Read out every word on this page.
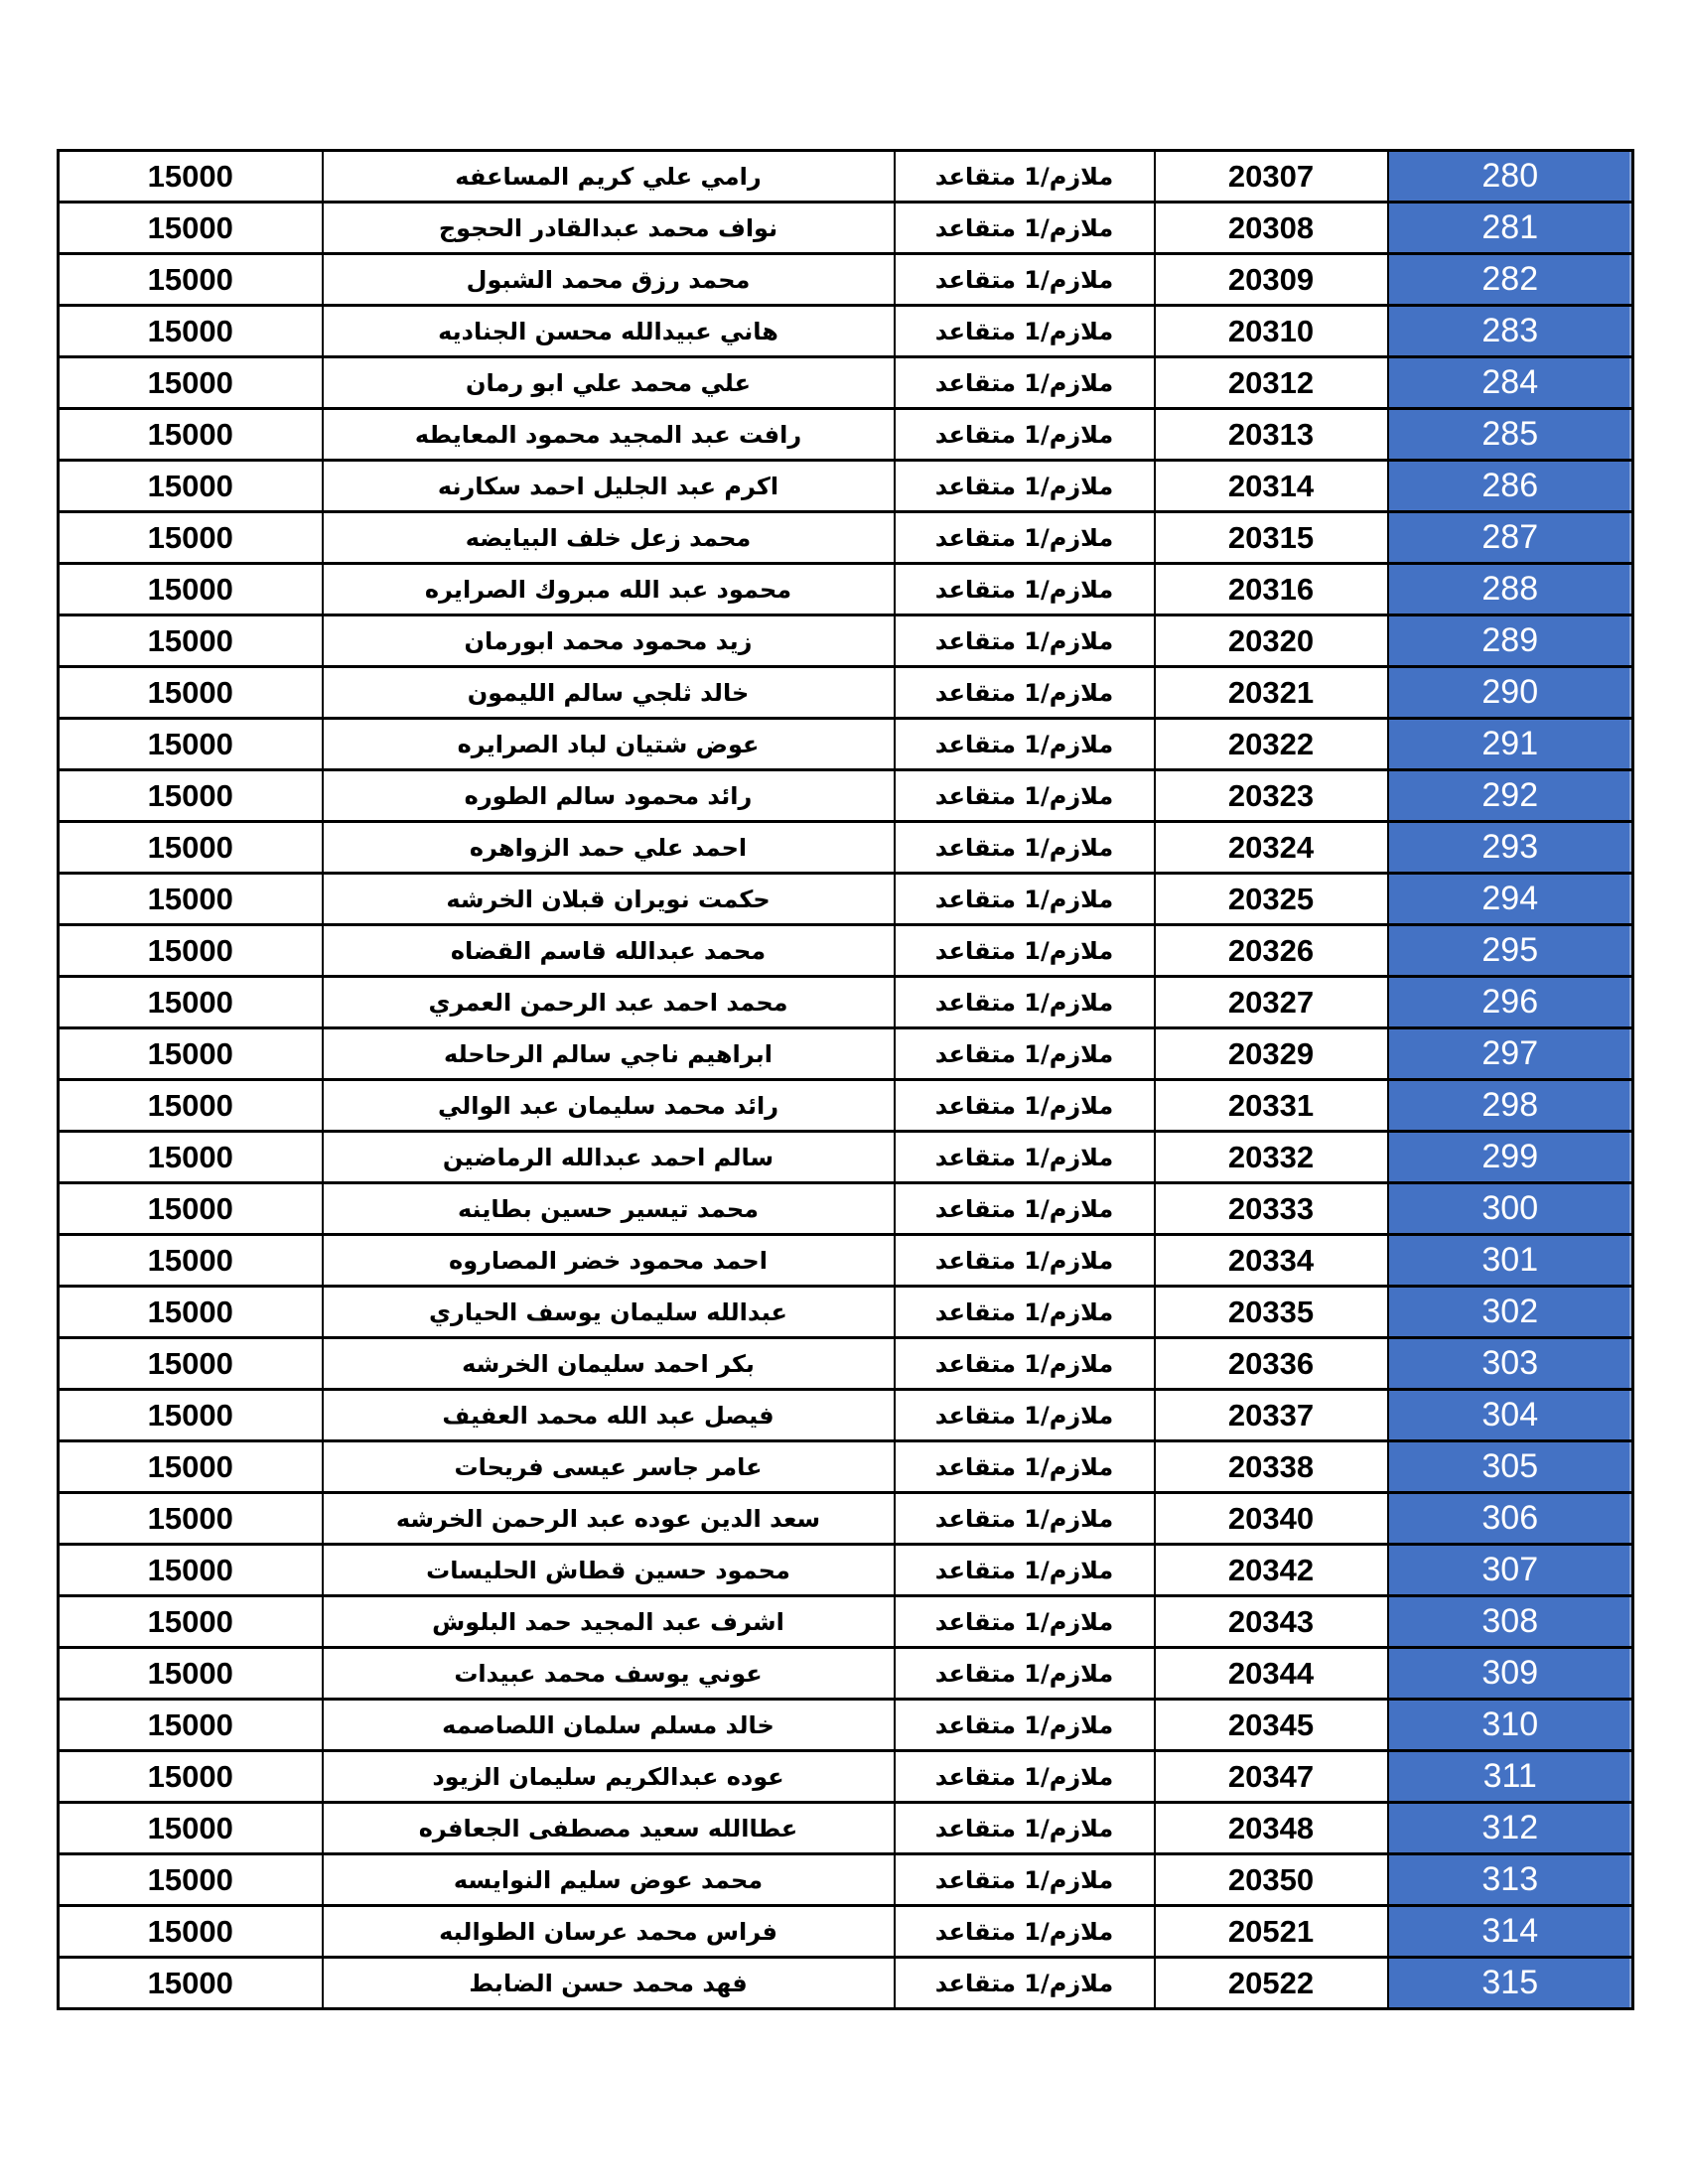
15000	رامي علي كريم المساعفه	ملازم/1 متقاعد	20307	280
15000	نواف محمد عبدالقادر الحجوج	ملازم/1 متقاعد	20308	281
15000	محمد رزق محمد الشبول	ملازم/1 متقاعد	20309	282
15000	هاني عبيدالله محسن الجناديه	ملازم/1 متقاعد	20310	283
15000	علي محمد علي ابو رمان	ملازم/1 متقاعد	20312	284
15000	رافت عبد المجيد محمود المعايطه	ملازم/1 متقاعد	20313	285
15000	اكرم عبد الجليل احمد سكارنه	ملازم/1 متقاعد	20314	286
15000	محمد زعل خلف البيايضه	ملازم/1 متقاعد	20315	287
15000	محمود عبد الله مبروك الصرايره	ملازم/1 متقاعد	20316	288
15000	زيد محمود محمد ابورمان	ملازم/1 متقاعد	20320	289
15000	خالد ثلجي سالم الليمون	ملازم/1 متقاعد	20321	290
15000	عوض شتيان لباد الصرايره	ملازم/1 متقاعد	20322	291
15000	رائد محمود سالم الطوره	ملازم/1 متقاعد	20323	292
15000	احمد علي حمد الزواهره	ملازم/1 متقاعد	20324	293
15000	حكمت نويران قبلان الخرشه	ملازم/1 متقاعد	20325	294
15000	محمد عبدالله قاسم القضاه	ملازم/1 متقاعد	20326	295
15000	محمد احمد عبد الرحمن العمري	ملازم/1 متقاعد	20327	296
15000	ابراهيم ناجي سالم الرحاحله	ملازم/1 متقاعد	20329	297
15000	رائد محمد سليمان عبد الوالي	ملازم/1 متقاعد	20331	298
15000	سالم احمد عبدالله الرماضين	ملازم/1 متقاعد	20332	299
15000	محمد تيسير حسين بطاينه	ملازم/1 متقاعد	20333	300
15000	احمد محمود خضر المصاروه	ملازم/1 متقاعد	20334	301
15000	عبدالله سليمان يوسف الحياري	ملازم/1 متقاعد	20335	302
15000	بكر احمد سليمان الخرشه	ملازم/1 متقاعد	20336	303
15000	فيصل عبد الله محمد العفيف	ملازم/1 متقاعد	20337	304
15000	عامر جاسر عيسى فريحات	ملازم/1 متقاعد	20338	305
15000	سعد الدين عوده عبد الرحمن الخرشه	ملازم/1 متقاعد	20340	306
15000	محمود حسين قطاش الحليسات	ملازم/1 متقاعد	20342	307
15000	اشرف عبد المجيد حمد البلوش	ملازم/1 متقاعد	20343	308
15000	عوني يوسف محمد عبيدات	ملازم/1 متقاعد	20344	309
15000	خالد مسلم سلمان اللصاصمه	ملازم/1 متقاعد	20345	310
15000	عوده عبدالكريم سليمان الزيود	ملازم/1 متقاعد	20347	311
15000	عطاالله سعيد مصطفى الجعافره	ملازم/1 متقاعد	20348	312
15000	محمد عوض سليم النوايسه	ملازم/1 متقاعد	20350	313
15000	فراس محمد عرسان الطوالبه	ملازم/1 متقاعد	20521	314
15000	فهد محمد حسن الضابط	ملازم/1 متقاعد	20522	315
